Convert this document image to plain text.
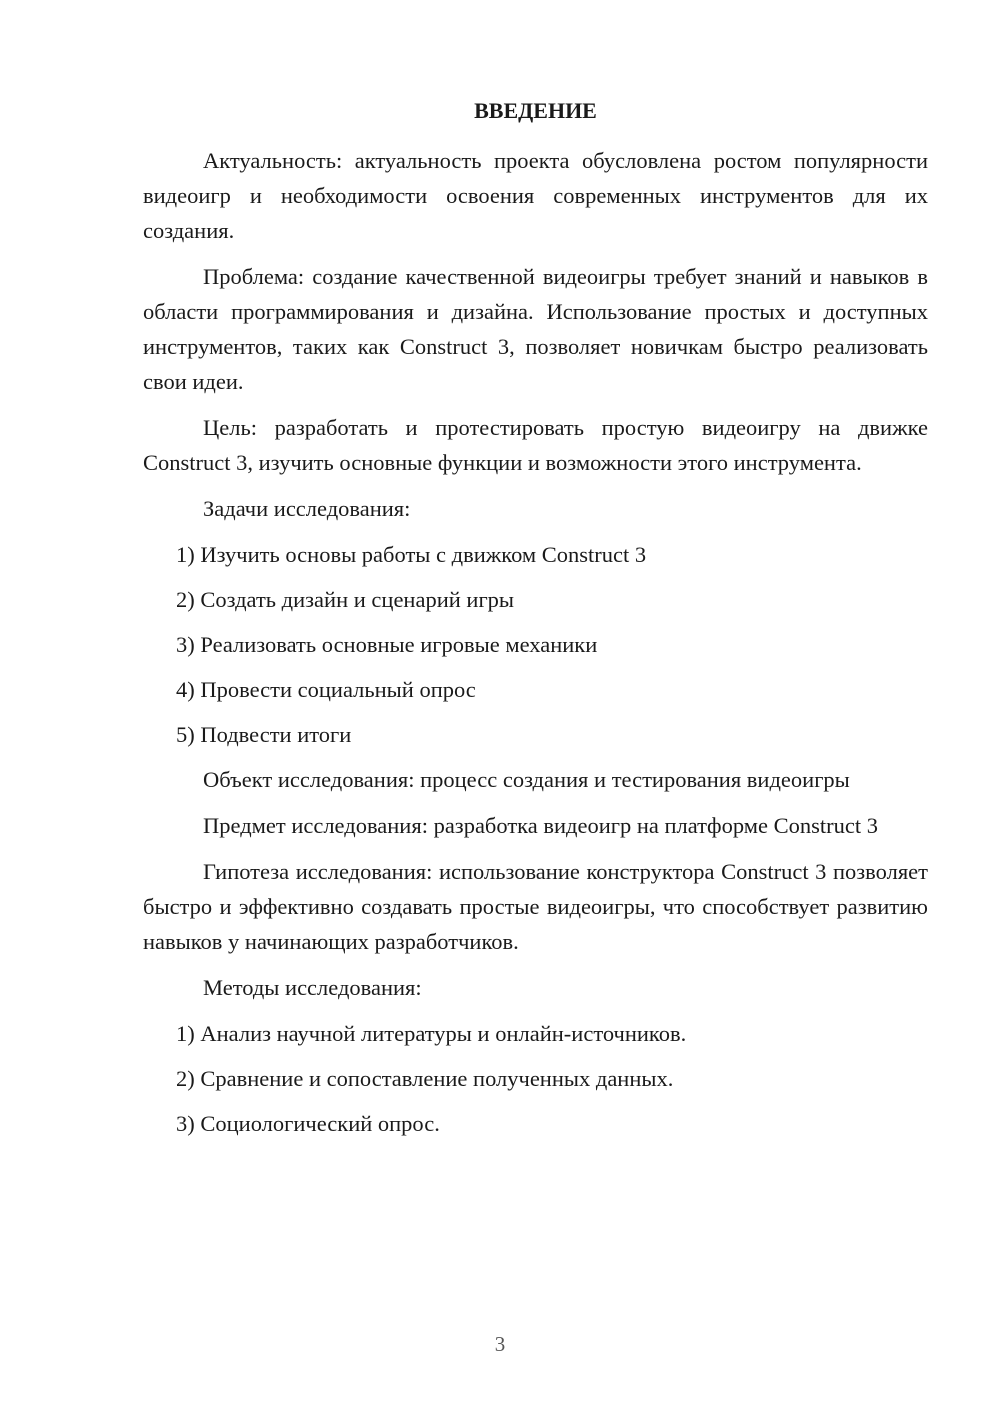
ВВЕДЕНИЕ

Актуальность: актуальность проекта обусловлена ростом популярности видеоигр и необходимости освоения современных инструментов для их создания.

Проблема: создание качественной видеоигры требует знаний и навыков в области программирования и дизайна. Использование простых и доступных инструментов, таких как Construct 3, позволяет новичкам быстро реализовать свои идеи.

Цель: разработать и протестировать простую видеоигру на движке Construct 3, изучить основные функции и возможности этого инструмента.

Задачи исследования:

1) Изучить основы работы с движком Construct 3

2) Создать дизайн и сценарий игры

3) Реализовать основные игровые механики

4) Провести социальный опрос

5) Подвести итоги

Объект исследования: процесс создания и тестирования видеоигры

Предмет исследования: разработка видеоигр на платформе Construct 3

Гипотеза исследования: использование конструктора Construct 3 позволяет быстро и эффективно создавать простые видеоигры, что способствует развитию навыков у начинающих разработчиков.

Методы исследования:

1) Анализ научной литературы и онлайн-источников.

2) Сравнение и сопоставление полученных данных.

3) Социологический опрос.

3
